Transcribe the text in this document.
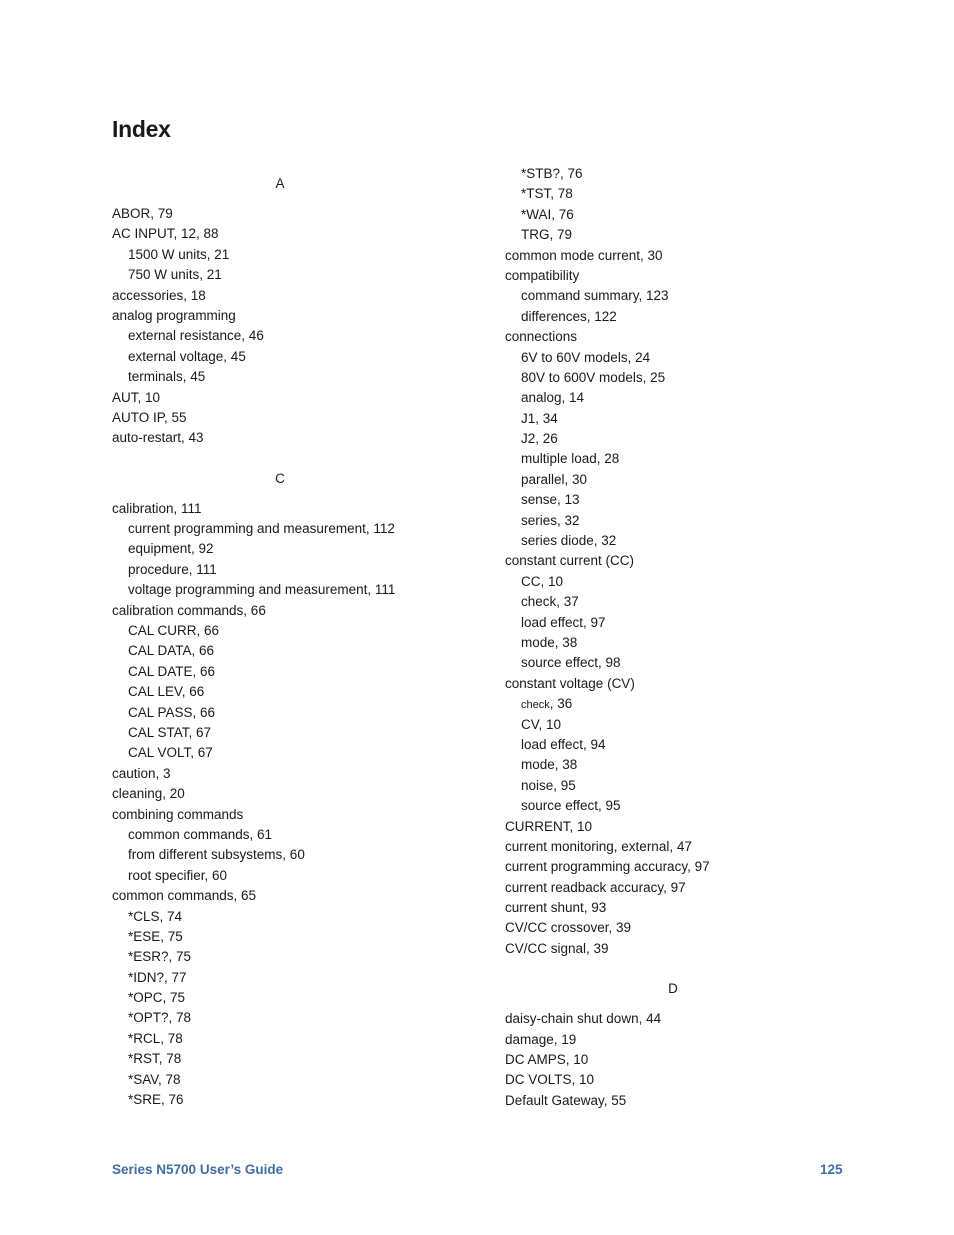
Index
A
ABOR, 79
AC INPUT, 12, 88
1500 W units, 21
750 W units, 21
accessories, 18
analog programming
external resistance, 46
external voltage, 45
terminals, 45
AUT, 10
AUTO IP, 55
auto-restart, 43
C
calibration, 111
current programming and measurement, 112
equipment, 92
procedure, 111
voltage programming and measurement, 111
calibration commands, 66
CAL CURR, 66
CAL DATA, 66
CAL DATE, 66
CAL LEV, 66
CAL PASS, 66
CAL STAT, 67
CAL VOLT, 67
caution, 3
cleaning, 20
combining commands
common commands, 61
from different subsystems, 60
root specifier, 60
common commands, 65
*CLS, 74
*ESE, 75
*ESR?, 75
*IDN?, 77
*OPC, 75
*OPT?, 78
*RCL, 78
*RST, 78
*SAV, 78
*SRE, 76
*STB?, 76
*TST, 78
*WAI, 76
TRG, 79
common mode current, 30
compatibility
command summary, 123
differences, 122
connections
6V to 60V models, 24
80V to 600V models, 25
analog, 14
J1, 34
J2, 26
multiple load, 28
parallel, 30
sense, 13
series, 32
series diode, 32
constant current (CC)
CC, 10
check, 37
load effect, 97
mode, 38
source effect, 98
constant voltage (CV)
check, 36
CV, 10
load effect, 94
mode, 38
noise, 95
source effect, 95
CURRENT, 10
current monitoring, external, 47
current programming accuracy, 97
current readback accuracy, 97
current shunt, 93
CV/CC crossover, 39
CV/CC signal, 39
D
daisy-chain shut down, 44
damage, 19
DC AMPS, 10
DC VOLTS, 10
Default Gateway, 55
Series N5700 User’s Guide	125
